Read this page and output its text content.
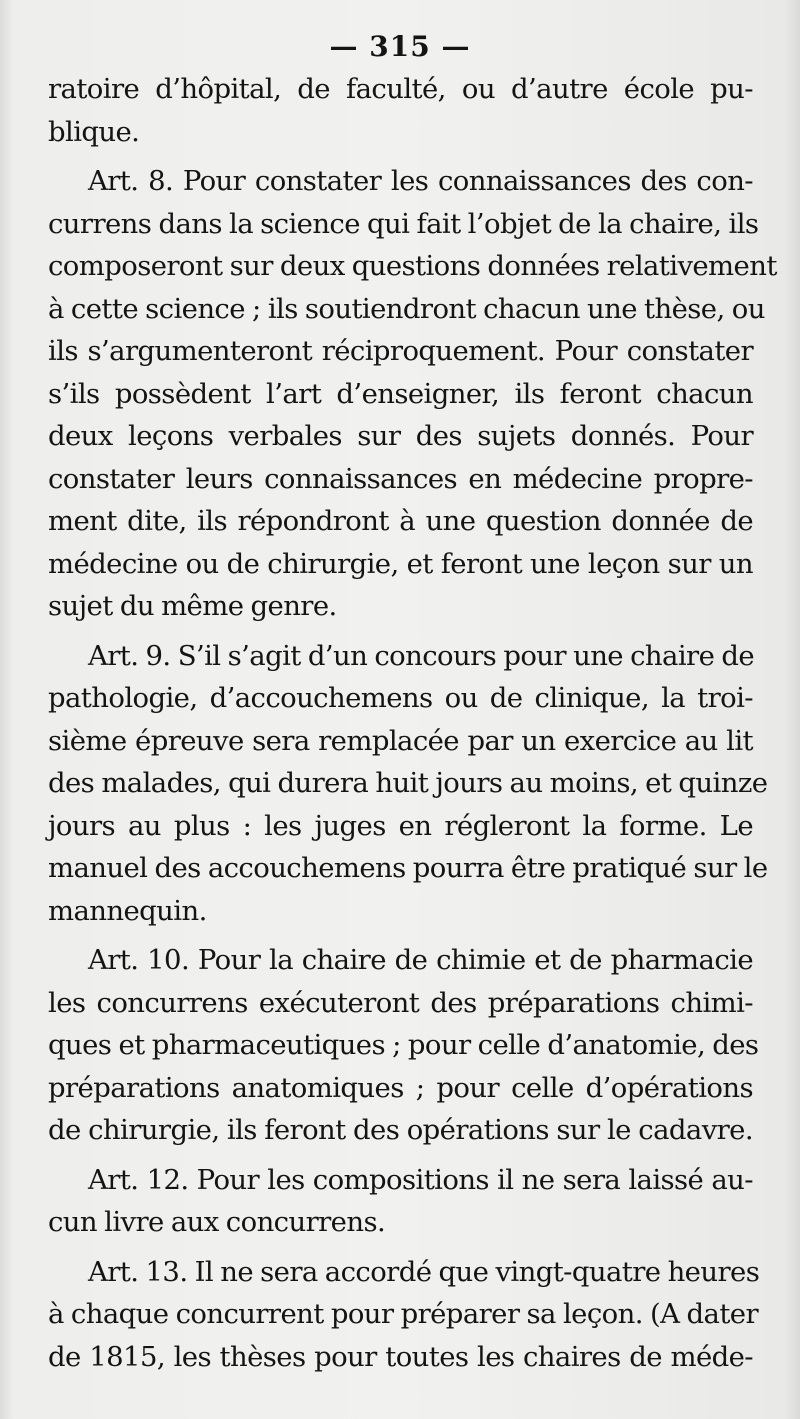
— 315 —
ratoire d’hôpital, de faculté, ou d’autre école pu-
blique.
Art. 8. Pour constater les connaissances des con-
currens dans la science qui fait l’objet de la chaire, ils
composeront sur deux questions données relativement
à cette science ; ils soutiendront chacun une thèse, ou
ils s’argumenteront réciproquement. Pour constater
s’ils possèdent l’art d’enseigner, ils feront chacun
deux leçons verbales sur des sujets donnés. Pour
constater leurs connaissances en médecine propre-
ment dite, ils répondront à une question donnée de
médecine ou de chirurgie, et feront une leçon sur un
sujet du même genre.
Art. 9. S’il s’agit d’un concours pour une chaire de
pathologie, d’accouchemens ou de clinique, la troi-
sième épreuve sera remplacée par un exercice au lit
des malades, qui durera huit jours au moins, et quinze
jours au plus : les juges en régleront la forme. Le
manuel des accouchemens pourra être pratiqué sur le
mannequin.
Art. 10. Pour la chaire de chimie et de pharmacie
les concurrens exécuteront des préparations chimi-
ques et pharmaceutiques ; pour celle d’anatomie, des
préparations anatomiques ; pour celle d’opérations
de chirurgie, ils feront des opérations sur le cadavre.
Art. 12. Pour les compositions il ne sera laissé au-
cun livre aux concurrens.
Art. 13. Il ne sera accordé que vingt-quatre heures
à chaque concurrent pour préparer sa leçon. (A dater
de 1815, les thèses pour toutes les chaires de méde-
